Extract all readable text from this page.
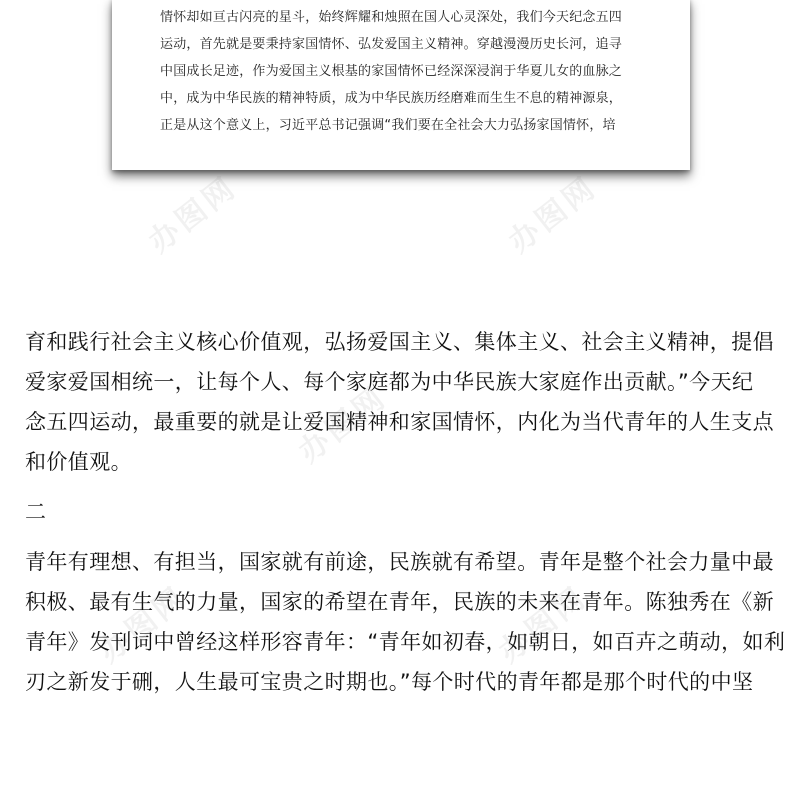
办图网	办图网
办图网
办图网	办图网
情怀却如亘古闪亮的星斗，始终辉耀和烛照在国人心灵深处，我们今天纪念五四
运动，首先就是要秉持家国情怀、弘发爱国主义精神。穿越漫漫历史长河，追寻
中国成长足迹，作为爱国主义根基的家国情怀已经深深浸润于华夏儿女的血脉之
中，成为中华民族的精神特质，成为中华民族历经磨难而生生不息的精神源泉，
正是从这个意义上，习近平总书记强调“我们要在全社会大力弘扬家国情怀，培
育和践行社会主义核心价值观，弘扬爱国主义、集体主义、社会主义精神，提倡
爱家爱国相统一，让每个人、每个家庭都为中华民族大家庭作出贡献。”今天纪
念五四运动，最重要的就是让爱国精神和家国情怀，内化为当代青年的人生支点
和价值观。
二
青年有理想、有担当，国家就有前途，民族就有希望。青年是整个社会力量中最
积极、最有生气的力量，国家的希望在青年，民族的未来在青年。陈独秀在《新
青年》发刊词中曾经这样形容青年：“青年如初春，如朝日，如百卉之萌动，如利
刃之新发于硎，人生最可宝贵之时期也。”每个时代的青年都是那个时代的中坚
